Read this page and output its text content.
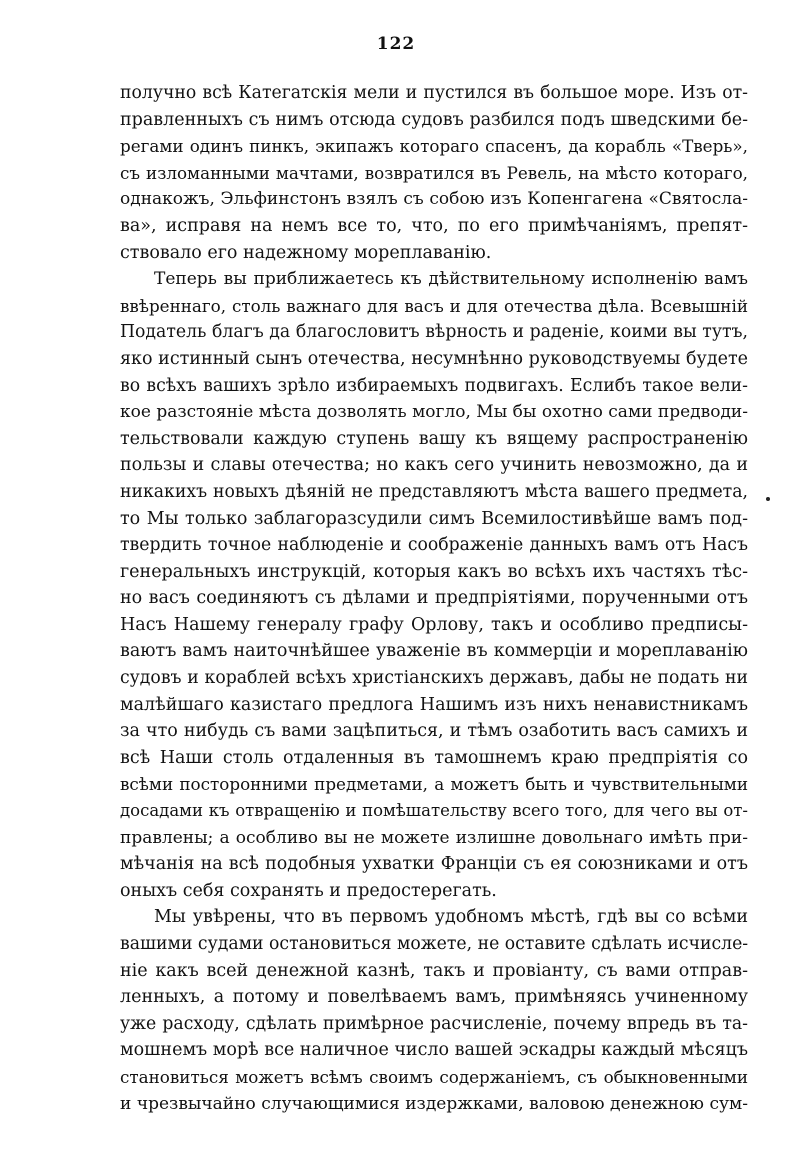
122
получно всѣ Категатскія мели и пустился въ большое море. Изъ от-
правленныхъ съ нимъ отсюда судовъ разбился подъ шведскими бе-
регами одинъ пинкъ, экипажъ котораго спасенъ, да корабль «Тверь»,
съ изломанными мачтами, возвратился въ Ревель, на мѣсто котораго,
однакожъ, Эльфинстонъ взялъ съ собою изъ Копенгагена «Святосла-
ва», исправя на немъ все то, что, по его примѣчаніямъ, препят-
ствовало его надежному мореплаванію.
Теперь вы приближаетесь къ дѣйствительному исполненію вамъ
ввѣреннаго, столь важнаго для васъ и для отечества дѣла. Всевышній
Податель благъ да благословитъ вѣрность и раденіе, коими вы тутъ,
яко истинный сынъ отечества, несумнѣнно руководствуемы будете
во всѣхъ вашихъ зрѣло избираемыхъ подвигахъ. Еслибъ такое вели-
кое разстояніе мѣста дозволять могло, Мы бы охотно сами предводи-
тельствовали каждую ступень вашу къ вящему распространенію
пользы и славы отечества; но какъ сего учинить невозможно, да и
никакихъ новыхъ дѣяній не представляютъ мѣста вашего предмета,
то Мы только заблагоразсудили симъ Всемилостивѣйше вамъ под-
твердить точное наблюденіе и соображеніе данныхъ вамъ отъ Насъ
генеральныхъ инструкцій, которыя какъ во всѣхъ ихъ частяхъ тѣс-
но васъ соединяютъ съ дѣлами и предпріятіями, порученными отъ
Насъ Нашему генералу графу Орлову, такъ и особливо предписы-
ваютъ вамъ наиточнѣйшее уваженіе въ коммерціи и мореплаванію
судовъ и кораблей всѣхъ христіанскихъ державъ, дабы не подать ни
малѣйшаго казистаго предлога Нашимъ изъ нихъ ненавистникамъ
за что нибудь съ вами зацѣпиться, и тѣмъ озаботить васъ самихъ и
всѣ Наши столь отдаленныя въ тамошнемъ краю предпріятія со
всѣми посторонними предметами, а можетъ быть и чувствительными
досадами къ отвращенію и помѣшательству всего того, для чего вы от-
правлены; а особливо вы не можете излишне довольнаго имѣть при-
мѣчанія на всѣ подобныя ухватки Франціи съ ея союзниками и отъ
оныхъ себя сохранять и предостерегать.
Мы увѣрены, что въ первомъ удобномъ мѣстѣ, гдѣ вы со всѣми
вашими судами остановиться можете, не оставите сдѣлать исчисле-
ніе какъ всей денежной казнѣ, такъ и провіанту, съ вами отправ-
ленныхъ, а потому и повелѣваемъ вамъ, примѣняясь учиненному
уже расходу, сдѣлать примѣрное расчисленіе, почему впредь въ та-
мошнемъ морѣ все наличное число вашей эскадры каждый мѣсяцъ
становиться можетъ всѣмъ своимъ содержаніемъ, съ обыкновенными
и чрезвычайно случающимися издержками, валовою денежною сум-
